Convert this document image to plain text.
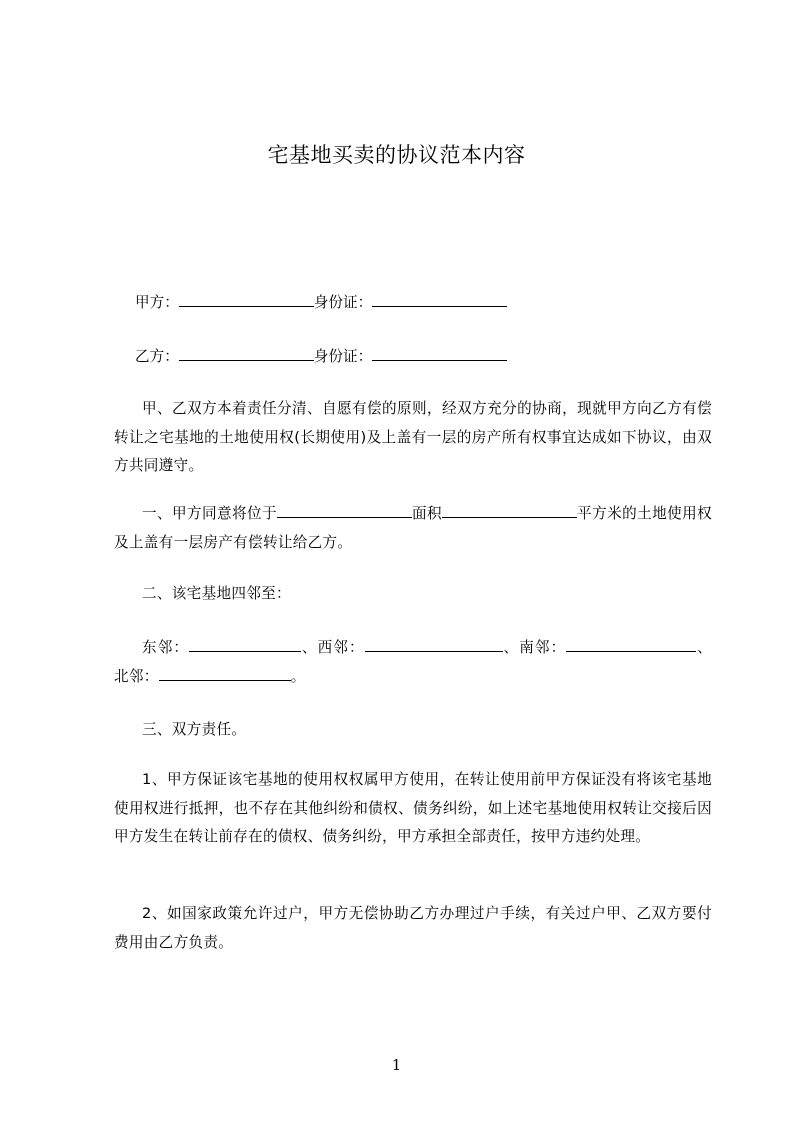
宅基地买卖的协议范本内容
甲方：	身份证：
乙方：	身份证：

甲、乙双方本着责任分清、自愿有偿的原则，经双方充分的协商，现就甲方向乙方有偿转让之宅基地的土地使用权(长期使用)及上盖有一层的房产所有权事宜达成如下协议，由双方共同遵守。

一、甲方同意将位于	面积	平方米的土地使用权及上盖有一层房产有偿转让给乙方。

二、该宅基地四邻至：

东邻：	、西邻：	、南邻：	、北邻：	。

三、双方责任。

1、甲方保证该宅基地的使用权权属甲方使用，在转让使用前甲方保证没有将该宅基地使用权进行抵押，也不存在其他纠纷和债权、债务纠纷，如上述宅基地使用权转让交接后因甲方发生在转让前存在的债权、债务纠纷，甲方承担全部责任，按甲方违约处理。

2、如国家政策允许过户，甲方无偿协助乙方办理过户手续，有关过户甲、乙双方要付费用由乙方负责。

1
